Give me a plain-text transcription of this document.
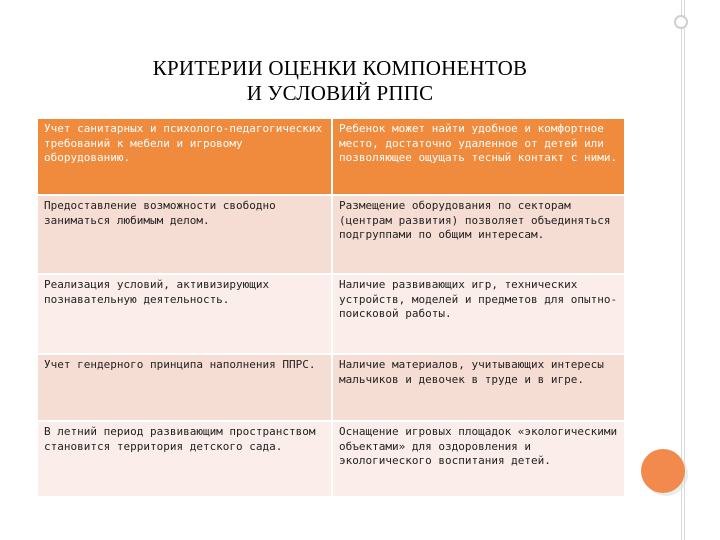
КРИТЕРИИ ОЦЕНКИ КОМПОНЕНТОВ
И УСЛОВИЙ РППС
Учет санитарных и психолого-педагогических требований к мебели и игровому оборудованию.	Ребенок может найти удобное и комфортное место, достаточно удаленное от детей или позволяющее ощущать тесный контакт с ними.
Предоставление возможности свободно заниматься любимым делом.	Размещение оборудования по секторам (центрам развития) позволяет объединяться подгруппами по общим интересам.
Реализация условий, активизирующих познавательную деятельность.	Наличие развивающих игр, технических устройств, моделей и предметов для опытно-поисковой работы.
Учет гендерного принципа наполнения ППРС.	Наличие материалов, учитывающих интересы мальчиков и девочек в труде и в игре.
В летний период развивающим пространством становится территория детского сада.	Оснащение игровых площадок «экологическими объектами» для оздоровления и экологического воспитания детей.
